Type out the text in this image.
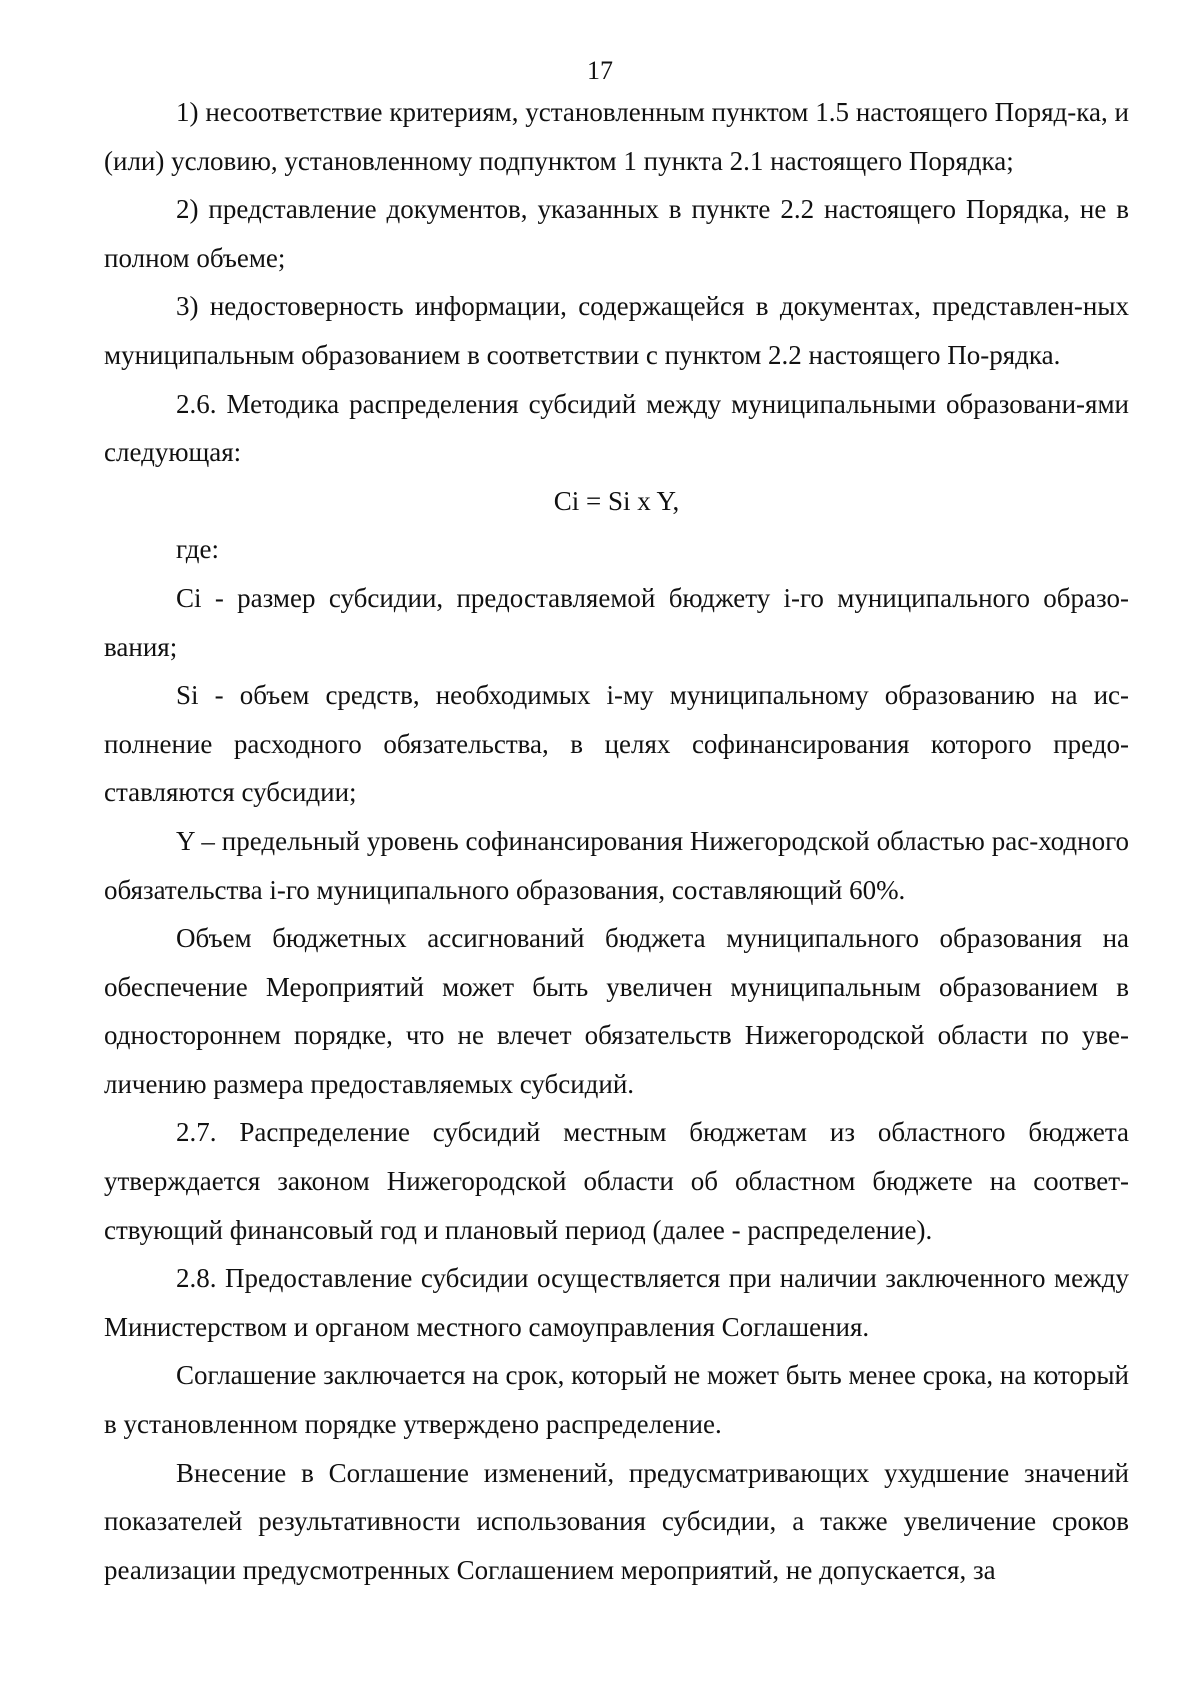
17

1) несоответствие критериям, установленным пунктом 1.5 настоящего Поряд-ка, и (или) условию, установленному подпунктом 1 пункта 2.1 настоящего Порядка;

2) представление документов, указанных в пункте 2.2 настоящего Порядка, не в полном объеме;

3) недостоверность информации, содержащейся в документах, представлен-ных муниципальным образованием в соответствии с пунктом 2.2 настоящего По-рядка.

2.6. Методика распределения субсидий между муниципальными образовани-ями следующая:

Ci = Si x Y,

где:

Ci - размер субсидии, предоставляемой бюджету i-го муниципального образо-вания;

Si - объем средств, необходимых i-му муниципальному образованию на ис-полнение расходного обязательства, в целях софинансирования которого предо-ставляются субсидии;

Y – предельный уровень софинансирования Нижегородской областью рас-ходного обязательства i-го муниципального образования, составляющий 60%.

Объем бюджетных ассигнований бюджета муниципального образования на обеспечение Мероприятий может быть увеличен муниципальным образованием в одностороннем порядке, что не влечет обязательств Нижегородской области по уве-личению размера предоставляемых субсидий.

2.7. Распределение субсидий местным бюджетам из областного бюджета утверждается законом Нижегородской области об областном бюджете на соответ-ствующий финансовый год и плановый период (далее - распределение).

2.8. Предоставление субсидии осуществляется при наличии заключенного между Министерством и органом местного самоуправления Соглашения.

Соглашение заключается на срок, который не может быть менее срока, на который в установленном порядке утверждено распределение.

Внесение в Соглашение изменений, предусматривающих ухудшение значений показателей результативности использования субсидии, а также увеличение сроков реализации предусмотренных Соглашением мероприятий, не допускается, за
